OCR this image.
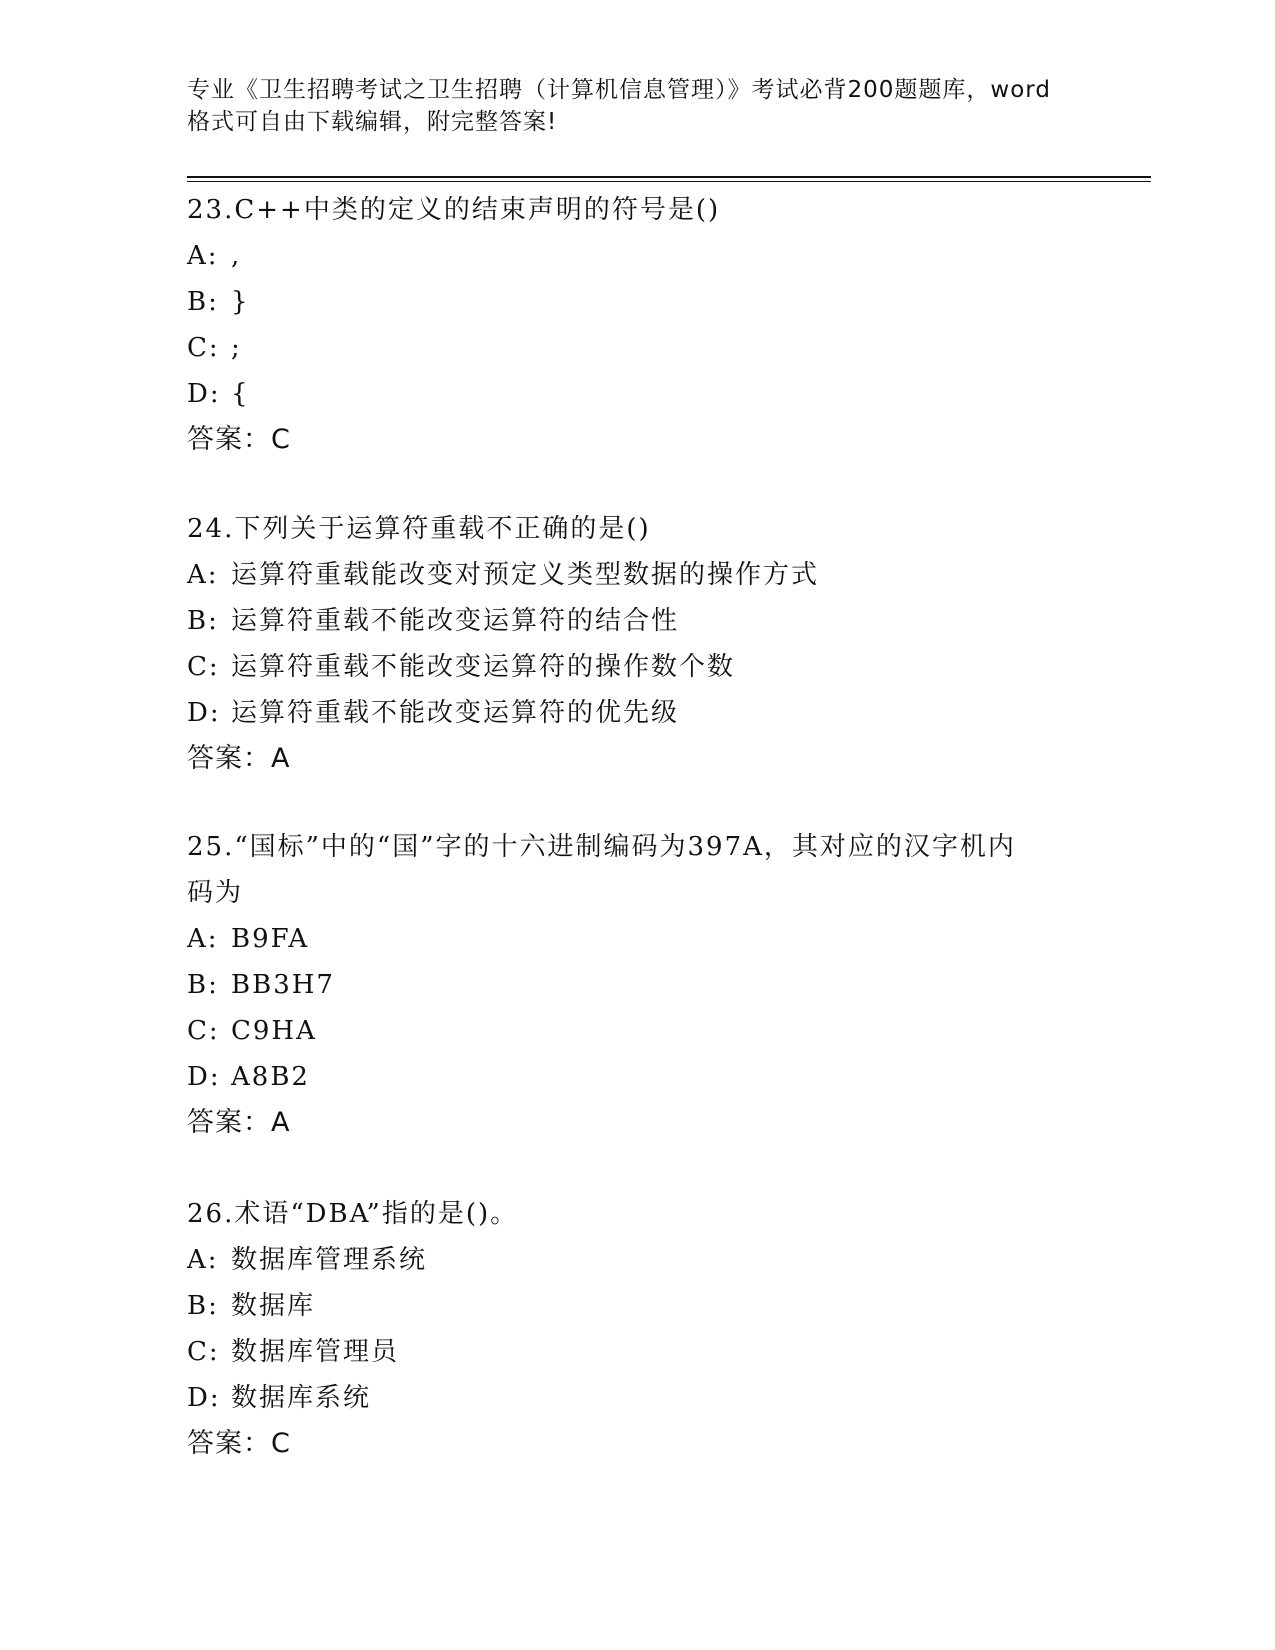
专业《卫生招聘考试之卫生招聘（计算机信息管理）》考试必背200题题库，word
格式可自由下载编辑，附完整答案!

23.C++中类的定义的结束声明的符号是()

A: ,

B: }

C: ;

D: {

答案：C

24.下列关于运算符重载不正确的是()

A: 运算符重载能改变对预定义类型数据的操作方式

B: 运算符重载不能改变运算符的结合性

C: 运算符重载不能改变运算符的操作数个数

D: 运算符重载不能改变运算符的优先级

答案：A

25.“国标”中的“国”字的十六进制编码为397A，其对应的汉字机内

码为

A: B9FA

B: BB3H7

C: C9HA

D: A8B2

答案：A

26.术语“DBA”指的是()。

A: 数据库管理系统

B: 数据库

C: 数据库管理员

D: 数据库系统

答案：C
